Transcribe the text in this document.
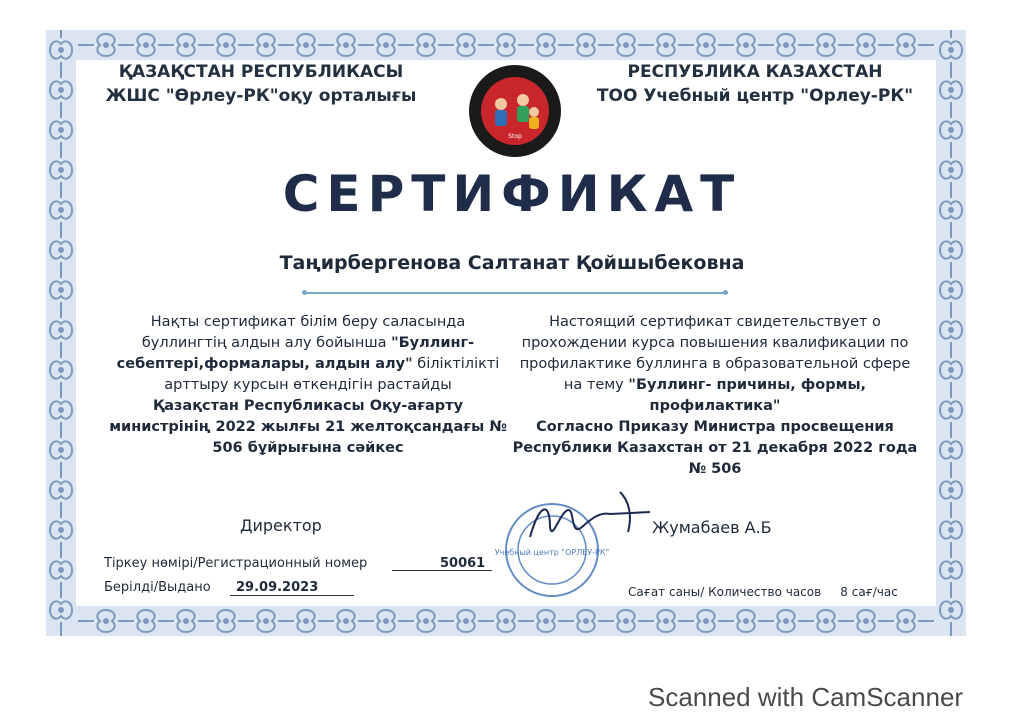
ҚАЗАҚСТАН РЕСПУБЛИКАСЫ
ЖШС "Өрлеу-РК"оқу орталығы
Stop
РЕСПУБЛИКА КАЗАХСТАН
ТОО Учебный центр "Орлеу-РК"
СЕРТИФИКАТ
Таңирбергенова Салтанат Қойшыбековна
Нақты сертификат білім беру саласында буллингтің алдын алу бойынша "Буллинг-себептері,формалары, алдын алу" біліктілікті арттыру курсын өткендігін растайды
Қазақстан Республикасы Оқу-ағарту министрінің 2022 жылғы 21 желтоқсандағы № 506 бұйрығына сәйкес
Настоящий сертификат свидетельствует о прохождении курса повышения квалификации по профилактике буллинга в образовательной сфере на тему "Буллинг- причины, формы, профилактика"
Согласно Приказу Министра просвещения Республики Казахстан от 21 декабря 2022 года № 506
Директор
Учебный центр "ОРЛЕУ-РК"
Жумабаев А.Б
Тіркеу нөмірі/Регистрационный номер	50061
Берілді/Выдано 29.09.2023	Сағат саны/ Количество часов 8 сағ/час
Scanned with CamScanner
